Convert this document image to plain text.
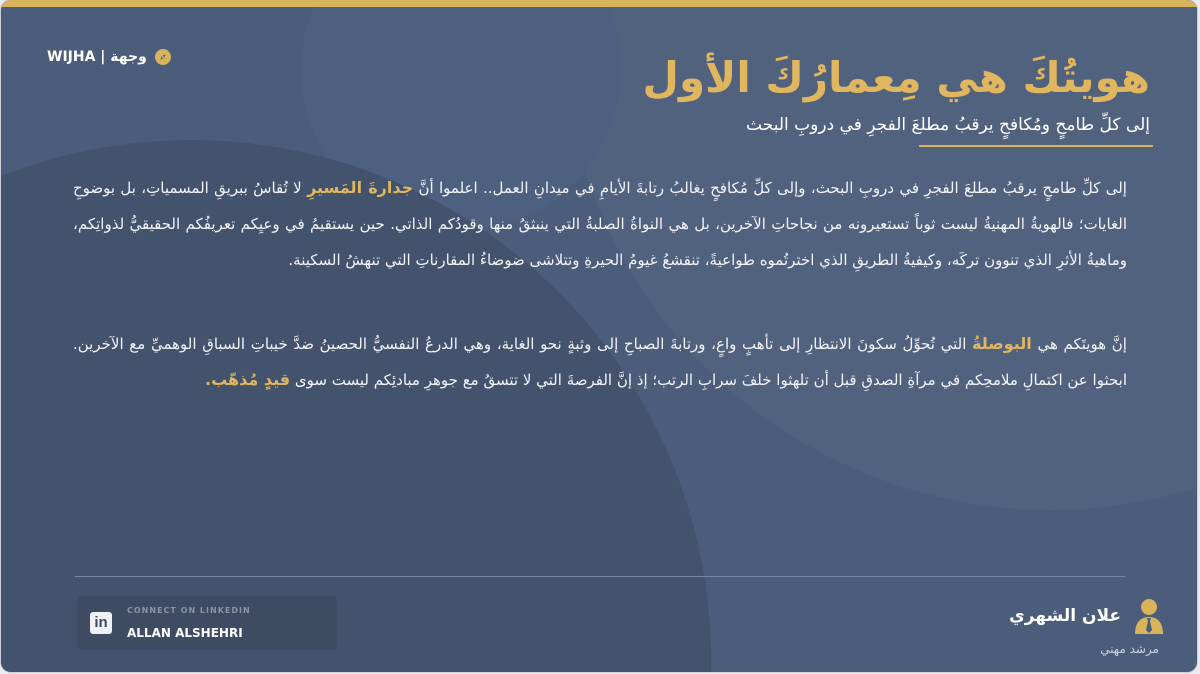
WIJHA | وجهة	هويتُكَ هي مِعمارُكَ الأول
إلى كلِّ طامحٍ ومُكافحٍ يرقبُ مطلعَ الفجرِ في دروبِ البحث

إلى كلِّ طامحٍ يرقبُ مطلعَ الفجرِ في دروبِ البحث، وإلى كلِّ مُكافحٍ يغالبُ رتابةَ الأيامِ في ميدانِ العمل.. اعلموا أنَّ جدارةَ المَسيرِ لا تُقاسُ ببريقِ المسمياتِ، بل بوضوحِ الغايات؛ فالهويةُ المهنيةُ ليست ثوباً تستعيرونه من نجاحاتِ الآخرين، بل هي النواةُ الصلبةُ التي ينبثقُ منها وقودُكم الذاتي. حين يستقيمُ في وعيِكم تعريفُكم الحقيقيُّ لذواتِكم، وماهيةُ الأثرِ الذي تنوون تركَه، وكيفيةُ الطريقِ الذي اخترتُموه طواعيةً، تنقشعُ غيومُ الحيرةِ وتتلاشى ضوضاءُ المقارناتِ التي تنهشُ السكينة.

إنَّ هويتَكم هي البوصلةُ التي تُحوِّلُ سكونَ الانتظارِ إلى تأهبٍ واعٍ، ورتابةَ الصباحِ إلى وثبةٍ نحو الغاية، وهي الدرعُ النفسيُّ الحصينُ ضدَّ خيباتِ السباقِ الوهميِّ مع الآخرين. ابحثوا عن اكتمالِ ملامحِكم في مرآةِ الصدقِ قبل أن تلهثوا خلفَ سرابِ الرتب؛ إذ إنَّ الفرصةَ التي لا تتسقُ مع جوهرِ مبادئِكم ليست سوى قيدٍ مُذهّب.

in
CONNECT ON LINKEDIN
ALLAN ALSHEHRI
علان الشهري
مرشد مهني
